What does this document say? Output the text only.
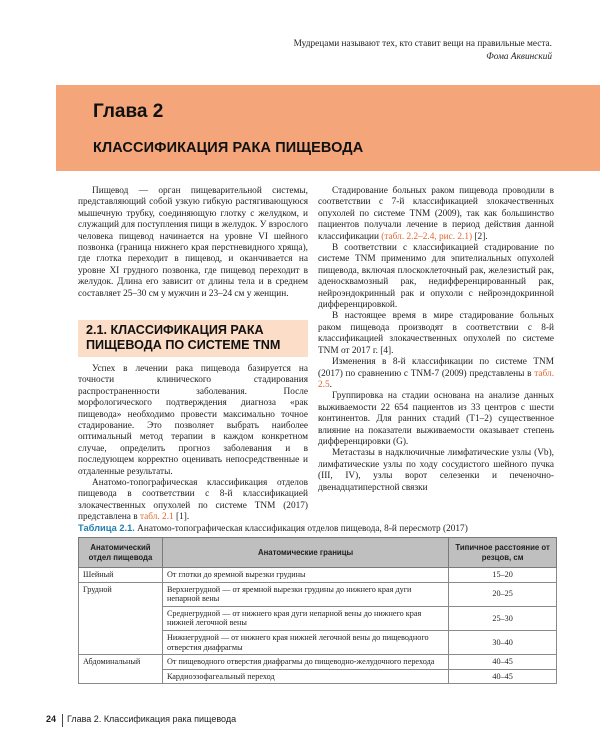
Мудрецами называют тех, кто ставит вещи на правильные места.
Фома Аквинский
Глава 2
КЛАССИФИКАЦИЯ РАКА ПИЩЕВОДА

Пищевод — орган пищеварительной системы, представляющий собой узкую гибкую растягивающуюся мышечную трубку, соединяющую глотку с желудком, и служащий для поступления пищи в желудок. У взрослого человека пищевод начинается на уровне VI шейного позвонка (граница нижнего края перстневидного хряща), где глотка переходит в пищевод, и оканчивается на уровне XI грудного позвонка, где пищевод переходит в желудок. Длина его зависит от длины тела и в среднем составляет 25–30 см у мужчин и 23–24 см у женщин.

2.1. КЛАССИФИКАЦИЯ РАКА ПИЩЕВОДА ПО СИСТЕМЕ TNM

Успех в лечении рака пищевода базируется на точности клинического стадирования распространенности заболевания. После морфологического подтверждения диагноза «рак пищевода» необходимо провести максимально точное стадирование. Это позволяет выбрать наиболее оптимальный метод терапии в каждом конкретном случае, определить прогноз заболевания и в последующем корректно оценивать непосредственные и отдаленные результаты.

Анатомо-топографическая классификация отделов пищевода в соответствии с 8-й классификацией злокачественных опухолей по системе TNM (2017) представлена в табл. 2.1 [1].

Стадирование больных раком пищевода проводили в соответствии с 7-й классификацией злокачественных опухолей по системе TNM (2009), так как большинство пациентов получали лечение в период действия данной классификации (табл. 2.2–2.4, рис. 2.1) [2].

В соответствии с классификацией стадирование по системе TNM применимо для эпителиальных опухолей пищевода, включая плоскоклеточный рак, железистый рак, аденосквамозный рак, недифференцированный рак, нейроэндокринный рак и опухоли с нейроэндокринной дифференцировкой.

В настоящее время в мире стадирование больных раком пищевода производят в соответствии с 8-й классификацией злокачественных опухолей по системе TNM от 2017 г. [4].

Изменения в 8-й классификации по системе TNM (2017) по сравнению с TNM-7 (2009) представлены в табл. 2.5.

Группировка на стадии основана на анализе данных выживаемости 22 654 пациентов из 33 центров с шести континентов. Для ранних стадий (T1–2) существенное влияние на показатели выживаемости оказывает степень дифференцировки (G).

Метастазы в надключичные лимфатические узлы (Vb), лимфатические узлы по ходу сосудистого шейного пучка (III, IV), узлы ворот селезенки и печеночно-двенадцатиперстной связки

Таблица 2.1. Анатомо-топографическая классификация отделов пищевода, 8-й пересмотр (2017)
Анатомический отдел пищевода	Анатомические границы	Типичное расстояние от резцов, см
Шейный	От глотки до яремной вырезки грудины	15–20
Грудной	Верхнегрудной — от яремной вырезки грудины до нижнего края дуги непарной вены	20–25
	Среднегрудной — от нижнего края дуги непарной вены до нижнего края нижней легочной вены	25–30
	Нижнегрудной — от нижнего края нижней легочной вены до пищеводного отверстия диафрагмы	30–40
Абдоминальный	От пищеводного отверстия диафрагмы до пищеводно-желудочного перехода	40–45
	Кардиоэзофагеальный переход	40–45
24 Глава 2. Классификация рака пищевода
